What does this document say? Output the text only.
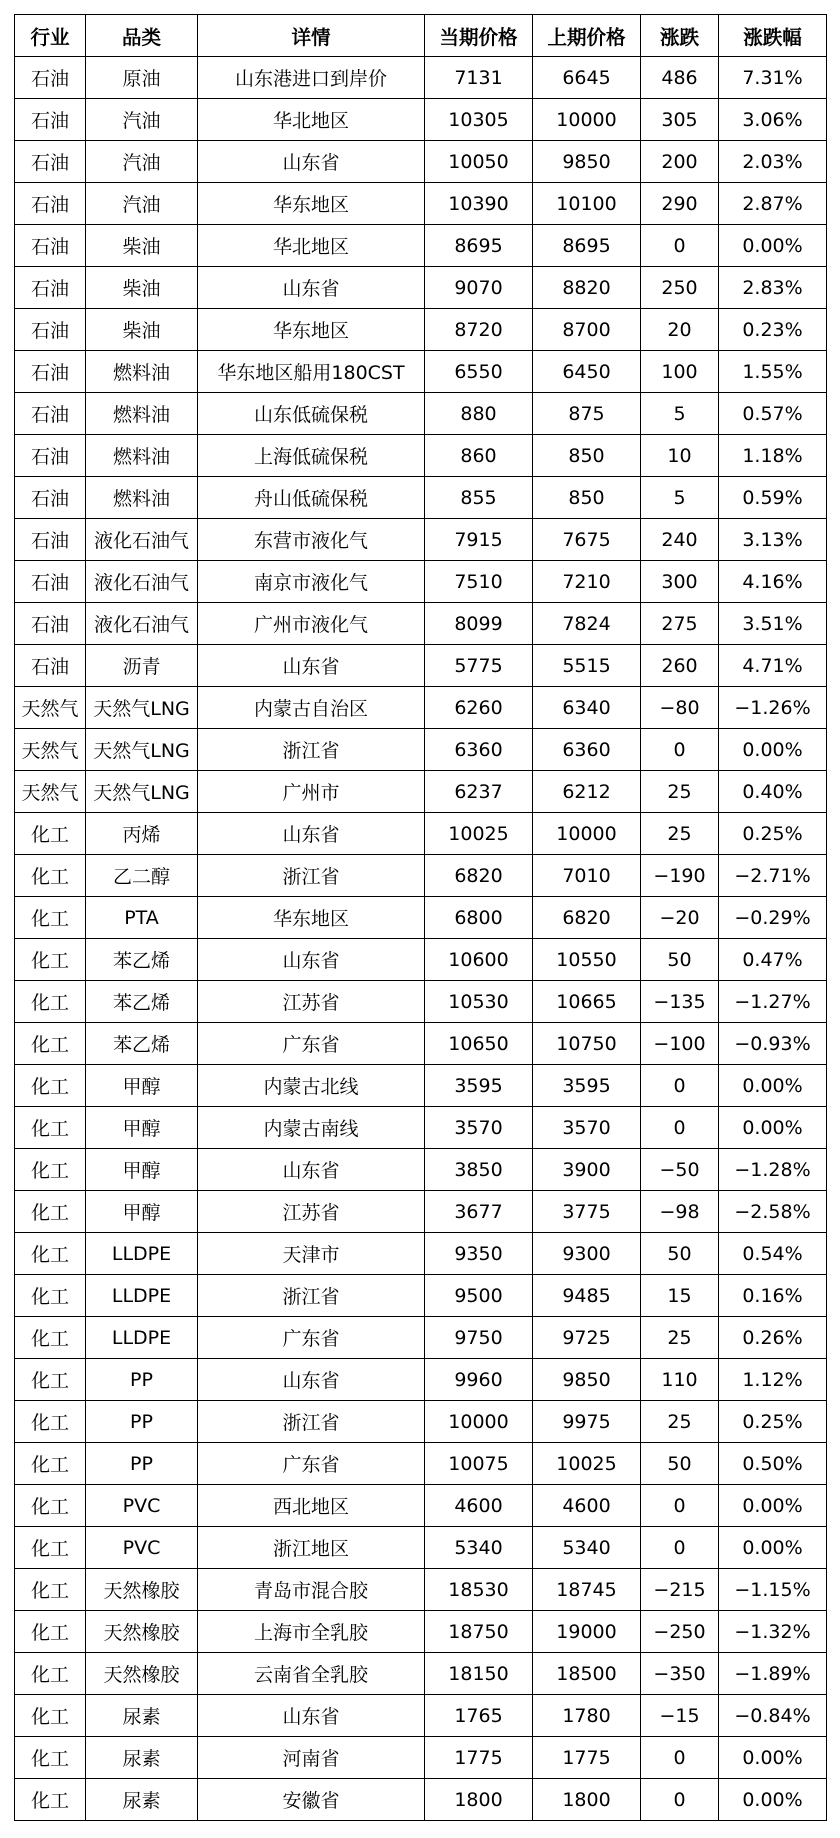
行业	品类	详情	当期价格	上期价格	涨跌	涨跌幅
石油	原油	山东港进口到岸价	7131	6645	486	7.31%
石油	汽油	华北地区	10305	10000	305	3.06%
石油	汽油	山东省	10050	9850	200	2.03%
石油	汽油	华东地区	10390	10100	290	2.87%
石油	柴油	华北地区	8695	8695	0	0.00%
石油	柴油	山东省	9070	8820	250	2.83%
石油	柴油	华东地区	8720	8700	20	0.23%
石油	燃料油	华东地区船用180CST	6550	6450	100	1.55%
石油	燃料油	山东低硫保税	880	875	5	0.57%
石油	燃料油	上海低硫保税	860	850	10	1.18%
石油	燃料油	舟山低硫保税	855	850	5	0.59%
石油	液化石油气	东营市液化气	7915	7675	240	3.13%
石油	液化石油气	南京市液化气	7510	7210	300	4.16%
石油	液化石油气	广州市液化气	8099	7824	275	3.51%
石油	沥青	山东省	5775	5515	260	4.71%
天然气	天然气LNG	内蒙古自治区	6260	6340	−80	−1.26%
天然气	天然气LNG	浙江省	6360	6360	0	0.00%
天然气	天然气LNG	广州市	6237	6212	25	0.40%
化工	丙烯	山东省	10025	10000	25	0.25%
化工	乙二醇	浙江省	6820	7010	−190	−2.71%
化工	PTA	华东地区	6800	6820	−20	−0.29%
化工	苯乙烯	山东省	10600	10550	50	0.47%
化工	苯乙烯	江苏省	10530	10665	−135	−1.27%
化工	苯乙烯	广东省	10650	10750	−100	−0.93%
化工	甲醇	内蒙古北线	3595	3595	0	0.00%
化工	甲醇	内蒙古南线	3570	3570	0	0.00%
化工	甲醇	山东省	3850	3900	−50	−1.28%
化工	甲醇	江苏省	3677	3775	−98	−2.58%
化工	LLDPE	天津市	9350	9300	50	0.54%
化工	LLDPE	浙江省	9500	9485	15	0.16%
化工	LLDPE	广东省	9750	9725	25	0.26%
化工	PP	山东省	9960	9850	110	1.12%
化工	PP	浙江省	10000	9975	25	0.25%
化工	PP	广东省	10075	10025	50	0.50%
化工	PVC	西北地区	4600	4600	0	0.00%
化工	PVC	浙江地区	5340	5340	0	0.00%
化工	天然橡胶	青岛市混合胶	18530	18745	−215	−1.15%
化工	天然橡胶	上海市全乳胶	18750	19000	−250	−1.32%
化工	天然橡胶	云南省全乳胶	18150	18500	−350	−1.89%
化工	尿素	山东省	1765	1780	−15	−0.84%
化工	尿素	河南省	1775	1775	0	0.00%
化工	尿素	安徽省	1800	1800	0	0.00%
